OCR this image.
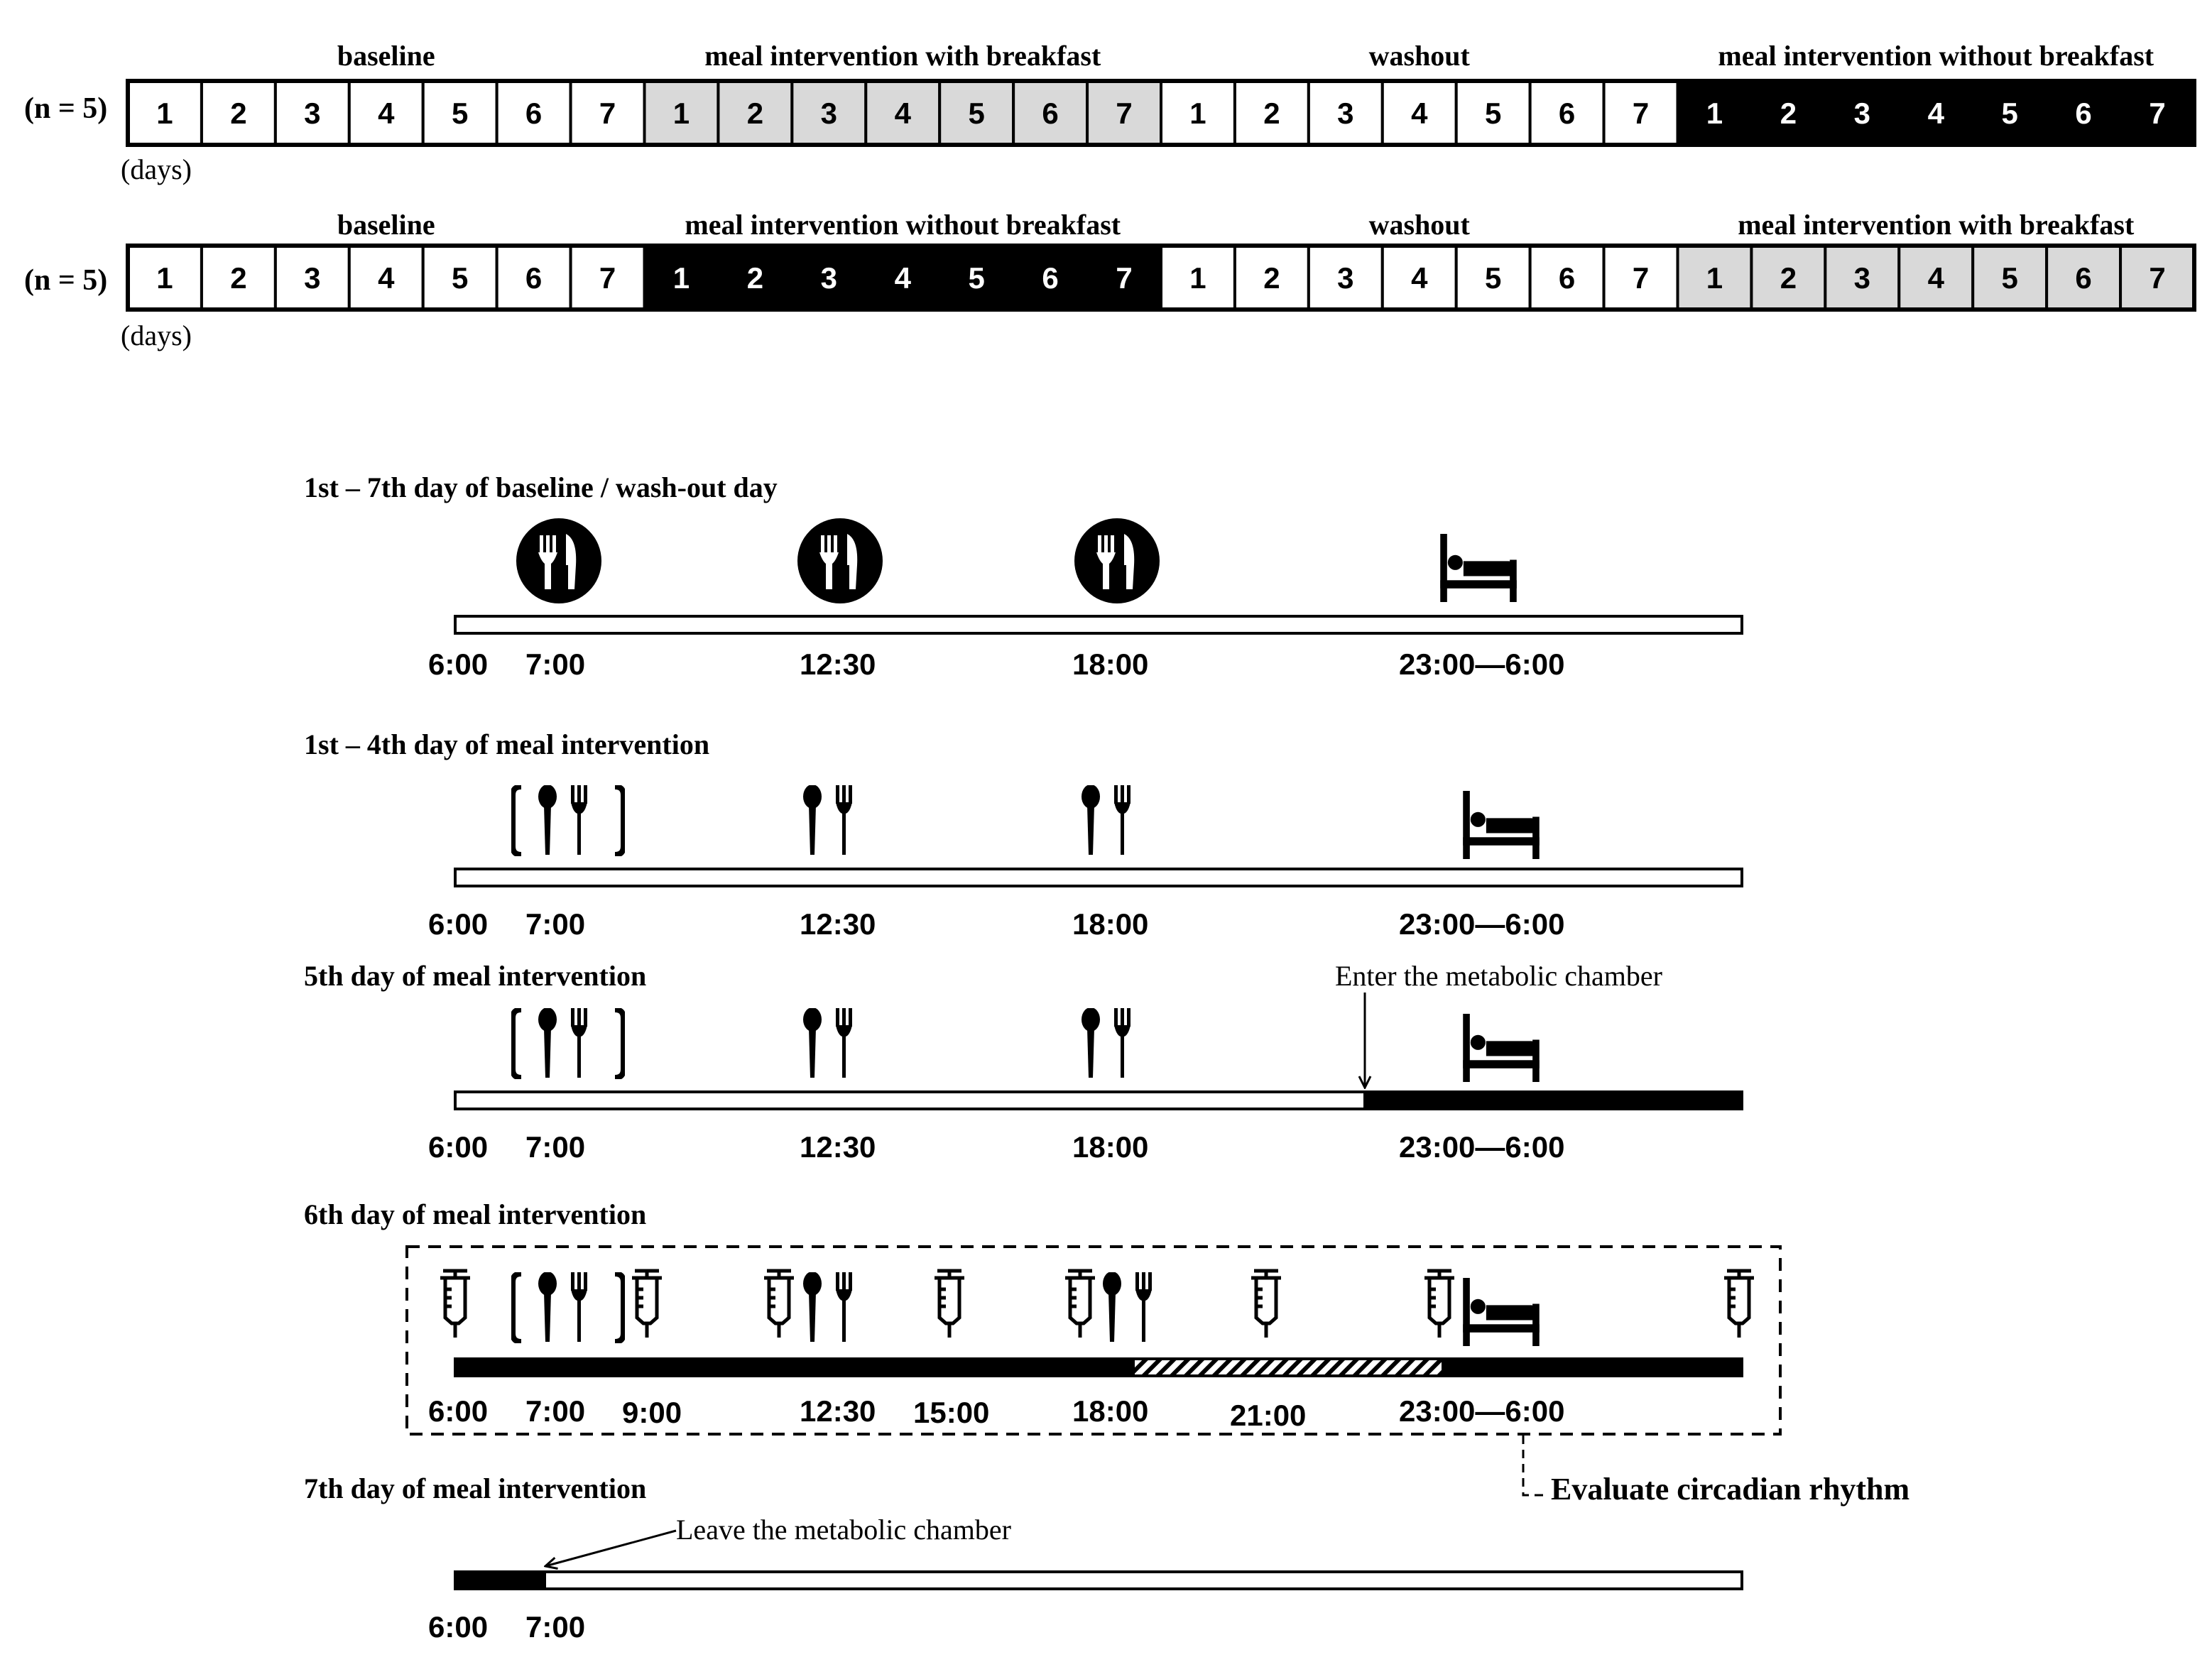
(n = 5)
(days)
baseline
1 2 3 4 5 6 7
meal intervention with breakfast
1 2 3 4 5 6 7
washout
1 2 3 4 5 6 7
meal intervention without breakfast
1 2 3 4 5 6 7
(n = 5)
(days)
baseline
1 2 3 4 5 6 7
meal intervention without breakfast
1 2 3 4 5 6 7
washout
1 2 3 4 5 6 7
meal intervention with breakfast
1 2 3 4 5 6 7
1st – 7th day of baseline / wash-out day
6:00 7:00	12:30	18:00	23:00—6:00
1st – 4th day of meal intervention
6:00 7:00	12:30	18:00	23:00—6:00
5th day of meal intervention	Enter the metabolic chamber
6:00 7:00	12:30	18:00	23:00—6:00
6th day of meal intervention
6:00 7:00 9:00	12:30 15:00	18:00	21:00	23:00—6:00
Evaluate circadian rhythm
7th day of meal intervention
Leave the metabolic chamber
6:00 7:00
